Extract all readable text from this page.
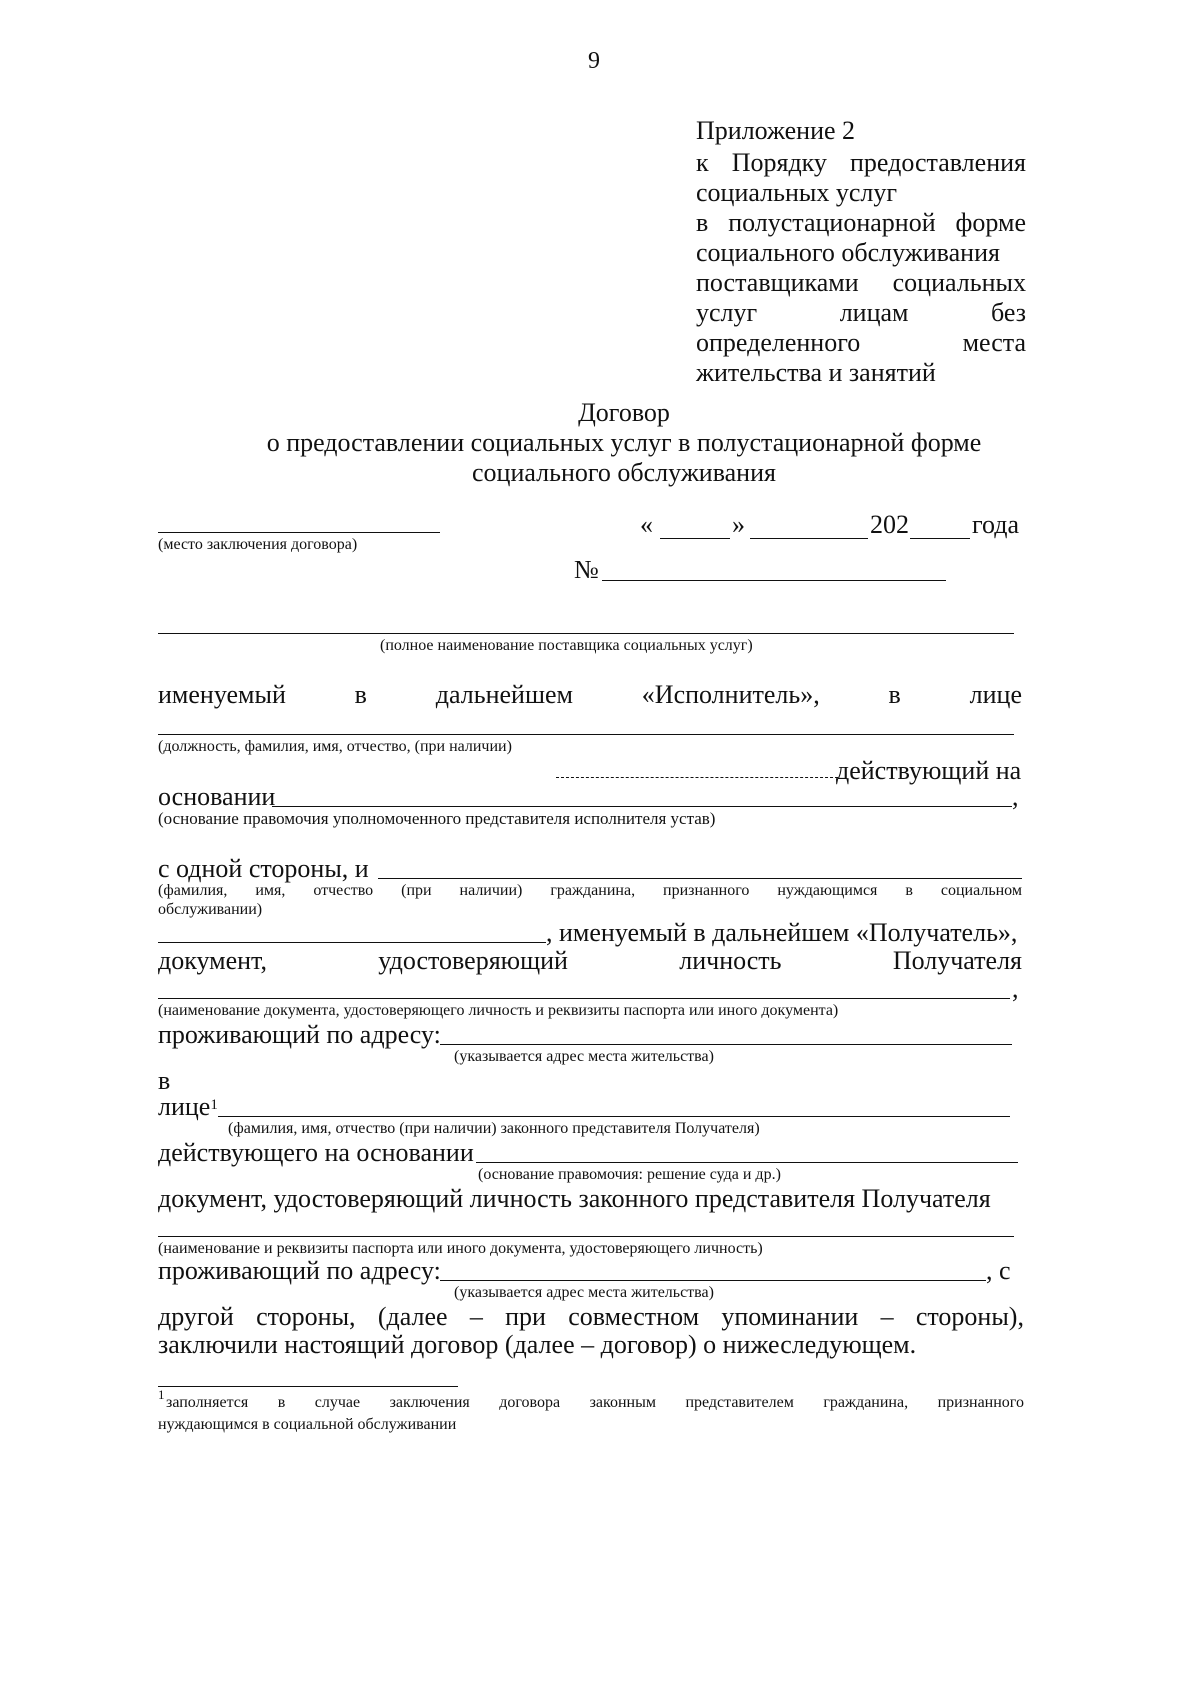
9
Приложение 2
к Порядку предоставления
социальных услуг
в полустационарной форме
социального обслуживания
поставщиками социальных
услуг	лицам	без
определенного	места
жительства и занятий
Договор
о предоставлении социальных услуг в полустационарной форме
социального обслуживания
(место заключения договора)
«	»	202 года
№
(полное наименование поставщика социальных услуг)
именуемый	в	дальнейшем	«Исполнитель»,	в	лице
(должность, фамилия, имя, отчество, (при наличии)
действующий на
основании	,
(основание правомочия уполномоченного представителя исполнителя устав)
с одной стороны, и
(фамилия, имя, отчество (при наличии) гражданина, признанного нуждающимся в социальном
обслуживании)
, именуемый в дальнейшем «Получатель»,
документ,	удостоверяющий	личность	Получателя
,
(наименование документа, удостоверяющего личность и реквизиты паспорта или иного документа)
проживающий по адресу:
(указывается адрес места жительства)
в
лице$^1$
(фамилия, имя, отчество (при наличии) законного представителя Получателя)
действующего на основании
(основание правомочия: решение суда и др.)
документ, удостоверяющий личность законного представителя Получателя
(наименование и реквизиты паспорта или иного документа, удостоверяющего личность)
проживающий по адресу:	, с
(указывается адрес места жительства)
другой стороны, (далее – при совместном упоминании – стороны),
заключили настоящий договор (далее – договор) о нижеследующем.
1 заполняется в случае заключения договора законным представителем гражданина, признанного
нуждающимся в социальной обслуживании
